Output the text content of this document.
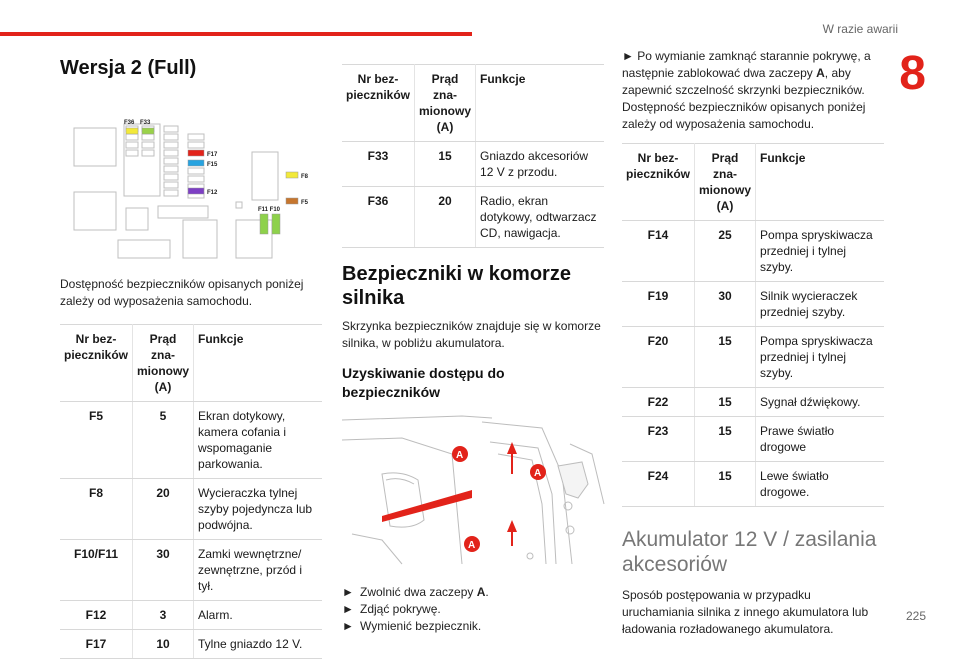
W razie awarii
8
Wersja 2 (Full)
F36 F33
F17
F15
F12
F8
F5
F11 F10

Dostępność bezpieczników opisanych poniżej zależy od wyposażenia samochodu.

Nr bez-pieczników	Prąd zna-mionowy (A)	Funkcje
F5	5	Ekran dotykowy, kamera cofania i wspomaganie parkowania.
F8	20	Wycieraczka tylnej szyby pojedyncza lub podwójna.
F10/F11	30	Zamki wewnętrzne/ zewnętrzne, przód i tył.
F12	3	Alarm.
F17	10	Tylne gniazdo 12 V.
Nr bez-pieczników	Prąd zna-mionowy (A)	Funkcje
F33	15	Gniazdo akcesoriów 12 V z przodu.
F36	20	Radio, ekran dotykowy, odtwarzacz CD, nawigacja.
Bezpieczniki w komorze silnika

Skrzynka bezpieczników znajduje się w komorze silnika, w pobliżu akumulatora.

Uzyskiwanie dostępu do bezpieczników
A
A
A
► Zwolnić dwa zaczepy A.
► Zdjąć pokrywę.
► Wymienić bezpiecznik.

► Po wymianie zamknąć starannie pokrywę, a następnie zablokować dwa zaczepy A, aby zapewnić szczelność skrzynki bezpieczników. Dostępność bezpieczników opisanych poniżej zależy od wyposażenia samochodu.

Nr bez-pieczników	Prąd zna-mionowy (A)	Funkcje
F14	25	Pompa spryskiwacza przedniej i tylnej szyby.
F19	30	Silnik wycieraczek przedniej szyby.
F20	15	Pompa spryskiwacza przedniej i tylnej szyby.
F22	15	Sygnał dźwiękowy.
F23	15	Prawe światło drogowe
F24	15	Lewe światło drogowe.
Akumulator 12 V / zasilania akcesoriów

Sposób postępowania w przypadku uruchamiania silnika z innego akumulatora lub ładowania rozładowanego akumulatora.

225
